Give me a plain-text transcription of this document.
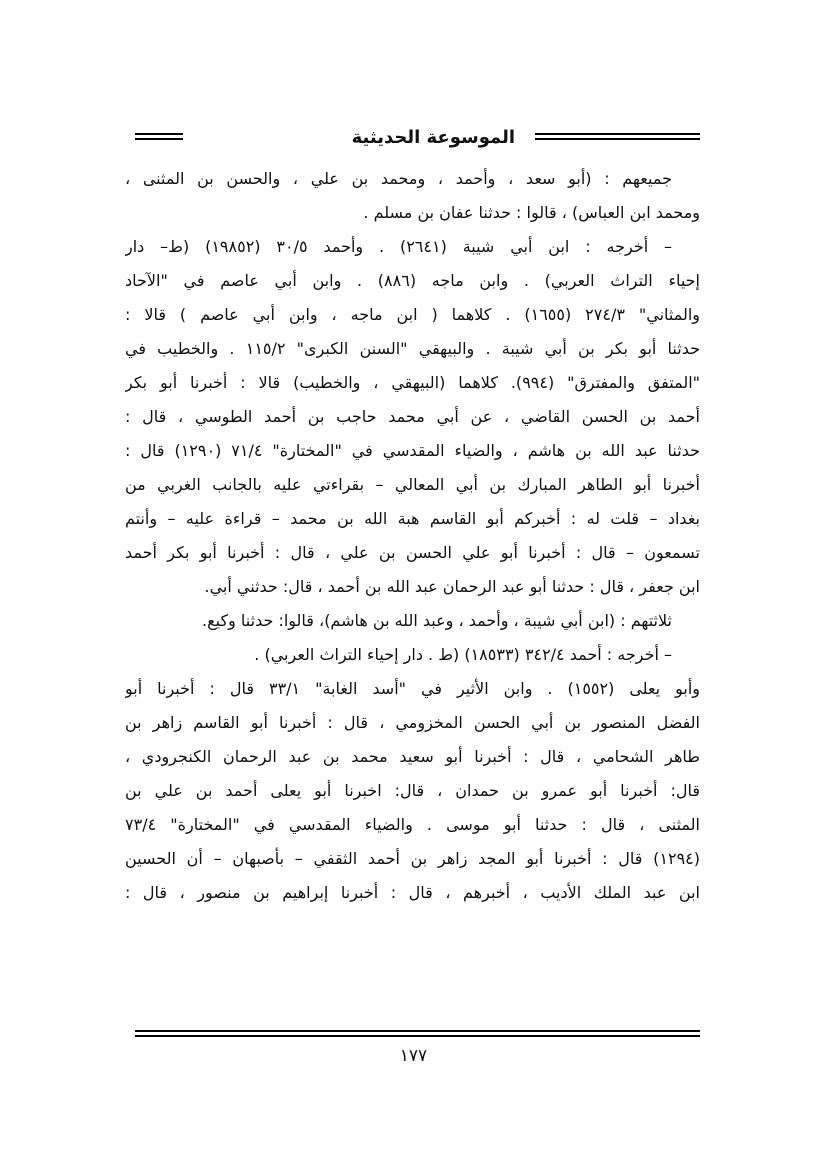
الموسوعة الحديثية
جميعهم : (أبو سعد ، وأحمد ، ومحمد بن علي ، والحسن بن المثنى ،
ومحمد ابن العباس) ، قالوا : حدثنا عفان بن مسلم .
– أخرجه : ابن أبي شيبة (٢٦٤١) . وأحمد ٣٠/٥ (١٩٨٥٢) (ط– دار
إحياء التراث العربي) . وابن ماجه (٨٨٦) . وابن أبي عاصم في "الآحاد
والمثاني" ٢٧٤/٣ (١٦٥٥) . كلاهما ( ابن ماجه ، وابن أبي عاصم ) قالا :
حدثنا أبو بكر بن أبي شيبة . والبيهقي "السنن الكبرى" ١١٥/٢ . والخطيب في
"المتفق والمفترق" (٩٩٤). كلاهما (البيهقي ، والخطيب) قالا : أخبرنا أبو بكر
أحمد بن الحسن القاضي ، عن أبي محمد حاجب بن أحمد الطوسي ، قال :
حدثنا عبد الله بن هاشم ، والضياء المقدسي في "المختارة" ٧١/٤ (١٢٩٠) قال :
أخبرنا أبو الطاهر المبارك بن أبي المعالي – بقراءتي عليه بالجانب الغربي من
بغداد – قلت له : أخبركم أبو القاسم هبة الله بن محمد – قراءة عليه – وأنتم
تسمعون – قال : أخبرنا أبو علي الحسن بن علي ، قال : أخبرنا أبو بكر أحمد
ابن جعفر ، قال : حدثنا أبو عبد الرحمان عبد الله بن أحمد ، قال: حدثني أبي.
ثلاثتهم : (ابن أبي شيبة ، وأحمد ، وعبد الله بن هاشم)، قالوا: حدثنا وكيع.
– أخرجه : أحمد ٣٤٢/٤ (١٨٥٣٣) (ط . دار إحياء التراث العربي) .
وأبو يعلى (١٥٥٢) . وابن الأثير في "أسد الغابة" ٣٣/١ قال : أخبرنا أبو
الفضل المنصور بن أبي الحسن المخزومي ، قال : أخبرنا أبو القاسم زاهر بن
طاهر الشحامي ، قال : أخبرنا أبو سعيد محمد بن عبد الرحمان الكنجرودي ،
قال: أخبرنا أبو عمرو بن حمدان ، قال: اخبرنا أبو يعلى أحمد بن علي بن
المثنى ، قال : حدثنا أبو موسى . والضياء المقدسي في "المختارة" ٧٣/٤
(١٢٩٤) قال : أخبرنا أبو المجد زاهر بن أحمد الثقفي – بأصبهان – أن الحسين
ابن عبد الملك الأديب ، أخبرهم ، قال : أخبرنا إبراهيم بن منصور ، قال :
١٧٧
